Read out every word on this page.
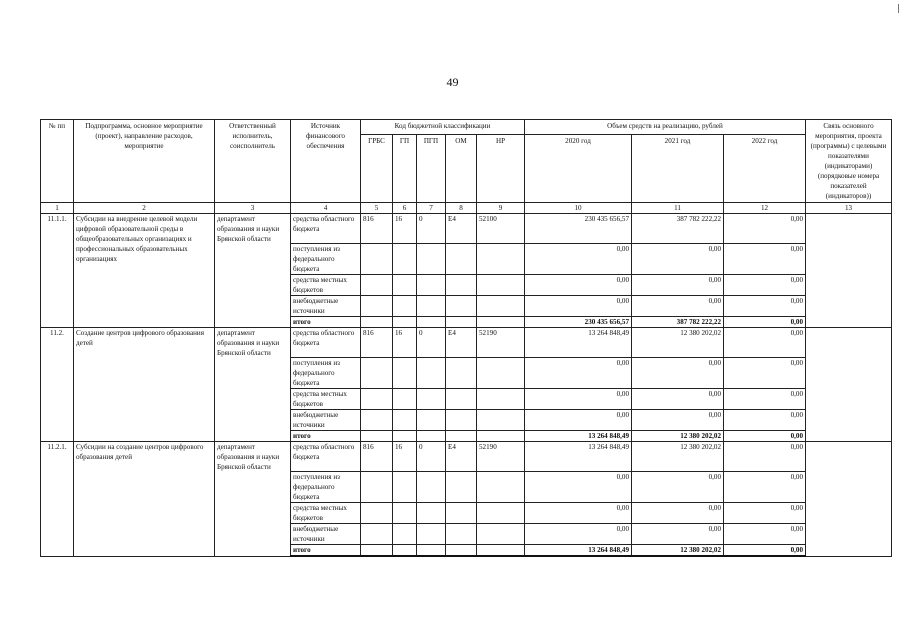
49
№ пп	Подпрограмма, основное мероприятие (проект), направление расходов, мероприятие	Ответственный исполнитель, соисполнитель	Источник финансового обеспечения	Код бюджетной классификации					Объем средств на реализацию, рублей			Связь основного мероприятия, проекта (программы) с целевыми показателями (индикаторами) (порядковые номера показателей (индикаторов))
				ГРБС	ГП	ПГП	ОМ	НР	2020 год	2021 год	2022 год	
1	2	3	4	5	6	7	8	9	10	11	12	13
11.1.1.	Субсидии на внедрение целевой модели цифровой образовательной среды в общеобразовательных организациях и профессиональных образовательных организациях	департамент образования и науки Брянской области	средства областного бюджета	816	16	0	Е4	52100	230 435 656,57	387 782 222,22	0,00	
			поступления из федерального бюджета						0,00	0,00	0,00	
			средства местных бюджетов						0,00	0,00	0,00	
			внебюджетные источники						0,00	0,00	0,00	
			итого						230 435 656,57	387 782 222,22	0,00	
11.2.	Создание центров цифрового образования детей	департамент образования и науки Брянской области	средства областного бюджета	816	16	0	Е4	52190	13 264 848,49	12 380 202,02	0,00	
			поступления из федерального бюджета						0,00	0,00	0,00	
			средства местных бюджетов						0,00	0,00	0,00	
			внебюджетные источники						0,00	0,00	0,00	
			итого						13 264 848,49	12 380 202,02	0,00	
11.2.1.	Субсидии на создание центров цифрового образования детей	департамент образования и науки Брянской области	средства областного бюджета	816	16	0	Е4	52190	13 264 848,49	12 380 202,02	0,00	
			поступления из федерального бюджета						0,00	0,00	0,00	
			средства местных бюджетов						0,00	0,00	0,00	
			внебюджетные источники						0,00	0,00	0,00	
			итого						13 264 848,49	12 380 202,02	0,00	
